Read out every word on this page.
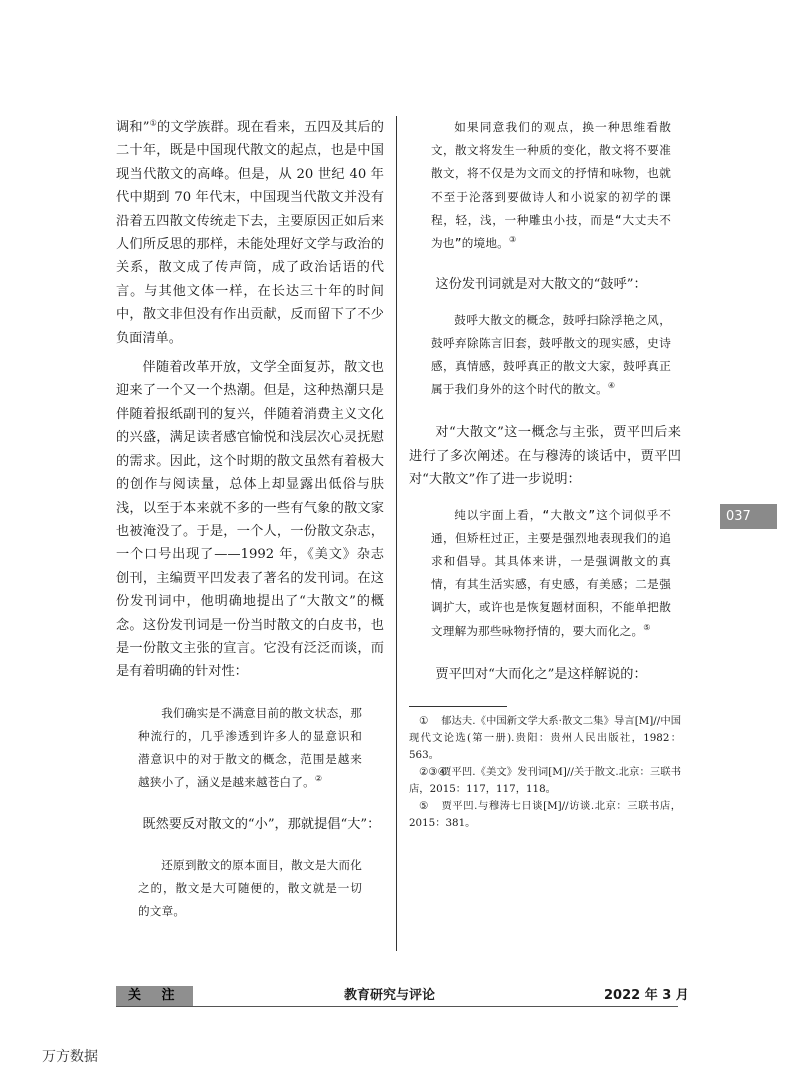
调和”①的文学族群。现在看来，五四及其后的二十年，既是中国现代散文的起点，也是中国现当代散文的高峰。但是，从 20 世纪 40 年代中期到 70 年代末，中国现当代散文并没有沿着五四散文传统走下去，主要原因正如后来人们所反思的那样，未能处理好文学与政治的关系，散文成了传声筒，成了政治话语的代言。与其他文体一样，在长达三十年的时间中，散文非但没有作出贡献，反而留下了不少负面清单。

伴随着改革开放，文学全面复苏，散文也迎来了一个又一个热潮。但是，这种热潮只是伴随着报纸副刊的复兴，伴随着消费主义文化的兴盛，满足读者感官愉悦和浅层次心灵抚慰的需求。因此，这个时期的散文虽然有着极大的创作与阅读量，总体上却显露出低俗与肤浅，以至于本来就不多的一些有气象的散文家也被淹没了。于是，一个人，一份散文杂志，一个口号出现了——1992 年，《美文》杂志创刊，主编贾平凹发表了著名的发刊词。在这份发刊词中，他明确地提出了“大散文”的概念。这份发刊词是一份当时散文的白皮书，也是一份散文主张的宣言。它没有泛泛而谈，而是有着明确的针对性：

我们确实是不满意目前的散文状态，那种流行的，几乎渗透到许多人的显意识和潜意识中的对于散文的概念，范围是越来越狭小了，涵义是越来越苍白了。②

既然要反对散文的“小”，那就提倡“大”：

还原到散文的原本面目，散文是大而化之的，散文是大可随便的，散文就是一切的文章。

如果同意我们的观点，换一种思维看散文，散文将发生一种质的变化，散文将不要准散文，将不仅是为文而文的抒情和咏物，也就不至于沦落到要做诗人和小说家的初学的课程，轻，浅，一种雕虫小技，而是“大丈夫不为也”的境地。③

这份发刊词就是对大散文的“鼓呼”：

鼓呼大散文的概念，鼓呼扫除浮艳之风，鼓呼弃除陈言旧套，鼓呼散文的现实感，史诗感，真情感，鼓呼真正的散文大家，鼓呼真正属于我们身外的这个时代的散文。④

对“大散文”这一概念与主张，贾平凹后来进行了多次阐述。在与穆涛的谈话中，贾平凹对“大散文”作了进一步说明：

纯以宇面上看，“大散文”这个词似乎不通，但矫枉过正，主要是强烈地表现我们的追求和倡导。其具体来讲，一是强调散文的真情，有其生活实感，有史感，有美感；二是强调扩大，或许也是恢复题材面积，不能单把散文理解为那些咏物抒情的，要大而化之。⑤

贾平凹对“大而化之”是这样解说的：

① 郁达夫.《中国新文学大系·散文二集》导言[M]//中国现代文论选(第一册).贵阳：贵州人民出版社，1982：563。

②③④贾平凹.《美文》发刊词[M]//关于散文.北京：三联书店，2015：117，117，118。

⑤ 贾平凹.与穆涛七日谈[M]//访谈.北京：三联书店，2015：381。

037
关 注	教育研究与评论	2022 年 3 月
万方数据
